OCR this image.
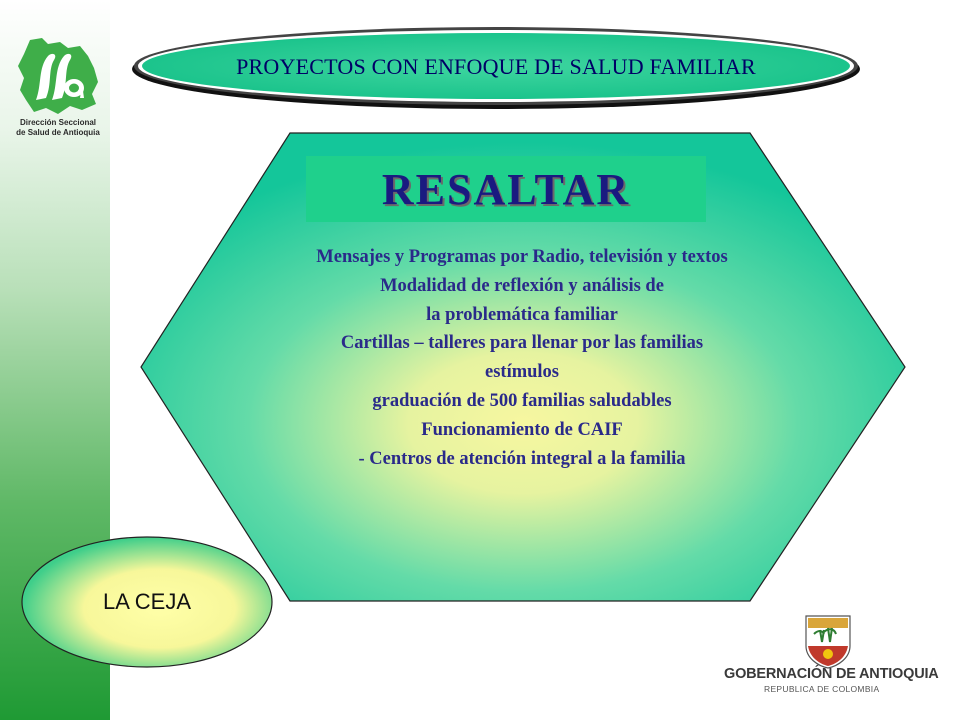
Dirección Seccional
de Salud de Antioquia
PROYECTOS CON ENFOQUE DE SALUD FAMILIAR
RESALTAR
Mensajes y Programas por Radio, televisión y textos
Modalidad de reflexión y análisis de
la problemática familiar
Cartillas – talleres para llenar por las familias
estímulos
graduación de 500 familias saludables
Funcionamiento de CAIF
- Centros de atención integral a la familia
LA CEJA
GOBERNACIÓN DE ANTIOQUIA
REPUBLICA DE COLOMBIA
